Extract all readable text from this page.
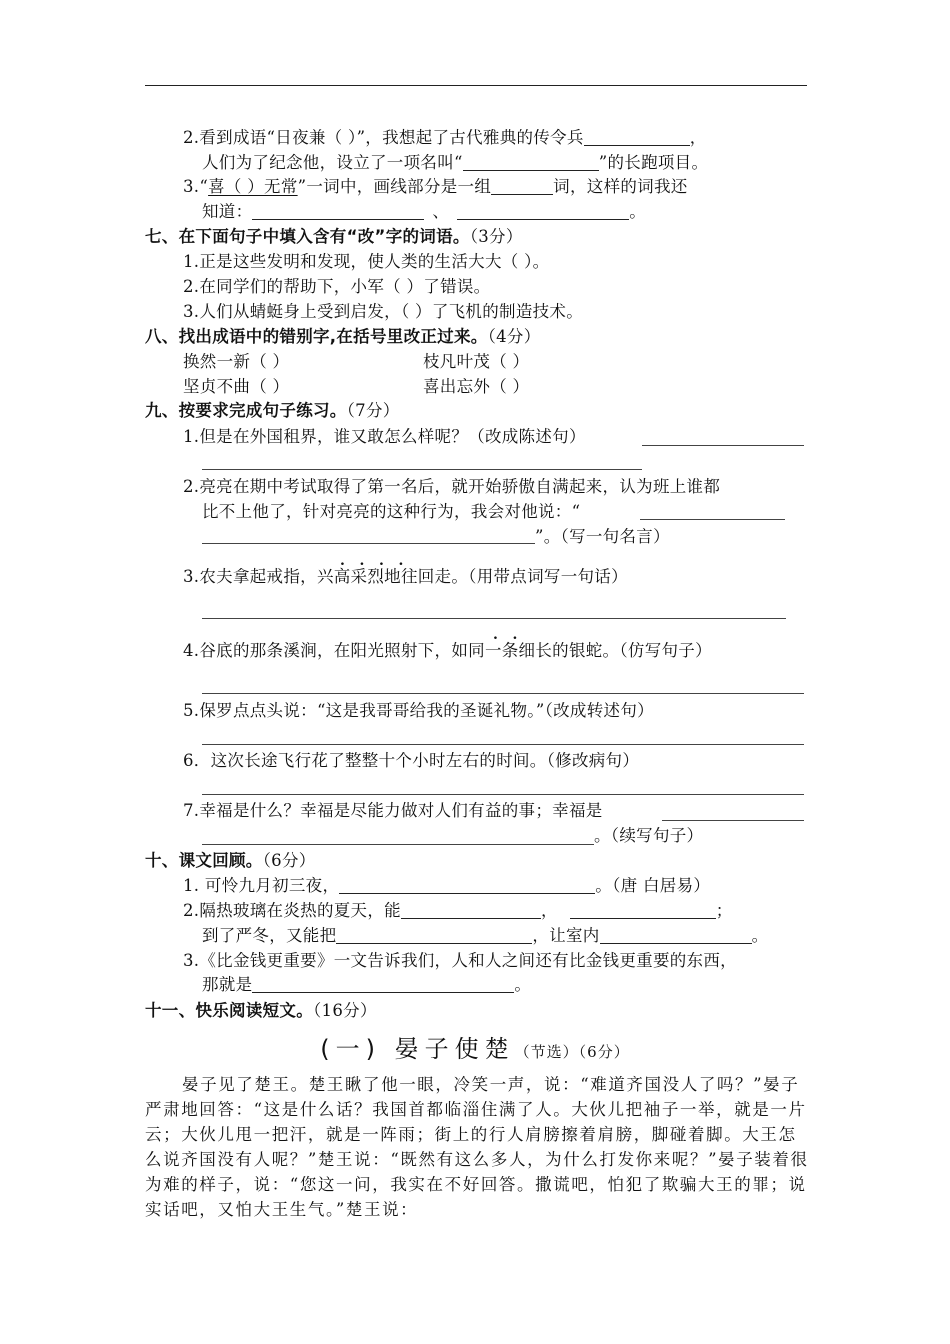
2.看到成语“日夜兼（ ）”，我想起了古代雅典的传令兵	，
人们为了纪念他，设立了一项名叫“	”的长跑项目。
3.“喜（ ）无常”一词中，画线部分是一组	词，这样的词我还
知道：	、	。
七、在下面句子中填入含有“改”字的词语。（3分）
1.正是这些发明和发现，使人类的生活大大（ ）。
2.在同学们的帮助下，小军（ ）了错误。
3.人们从蜻蜓身上受到启发，（ ）了飞机的制造技术。
八、找出成语中的错别字,在括号里改正过来。（4分）
换然一新（ ）	枝凡叶茂（ ）
坚贞不曲（ ）	喜出忘外（ ）
九、按要求完成句子练习。（7分）
1.但是在外国租界，谁又敢怎么样呢？（改成陈述句）
2.亮亮在期中考试取得了第一名后，就开始骄傲自满起来，认为班上谁都
比不上他了，针对亮亮的这种行为，我会对他说：“
”。（写一句名言）
.   .   .   .
3.农夫拿起戒指，兴高采烈地往回走。（用带点词写一句话）
.   .
4.谷底的那条溪涧，在阳光照射下，如同一条细长的银蛇。（仿写句子）
5.保罗点点头说：“这是我哥哥给我的圣诞礼物。”（改成转述句）
6．这次长途飞行花了整整十个小时左右的时间。（修改病句）
7.幸福是什么？幸福是尽能力做对人们有益的事；幸福是
。（续写句子）
十、课文回顾。（6分）
1. 可怜九月初三夜，	。（唐 白居易）
2.隔热玻璃在炎热的夏天，能	，	；
到了严冬，又能把	，让室内	。
3.《比金钱更重要》一文告诉我们，人和人之间还有比金钱更重要的东西，
那就是	。
十一、快乐阅读短文。（16分）
(一) 晏子使楚（节选）（6分）
晏子见了楚王。楚王瞅了他一眼，冷笑一声，说：“难道齐国没人了吗？”晏子严肃地回答：“这是什么话？我国首都临淄住满了人。大伙儿把袖子一举，就是一片云；大伙儿甩一把汗，就是一阵雨；街上的行人肩膀擦着肩膀，脚碰着脚。大王怎么说齐国没有人呢？”楚王说：“既然有这么多人，为什么打发你来呢？”晏子装着很为难的样子，说：“您这一问，我实在不好回答。撒谎吧，怕犯了欺骗大王的罪；说实话吧，又怕大王生气。”楚王说：
